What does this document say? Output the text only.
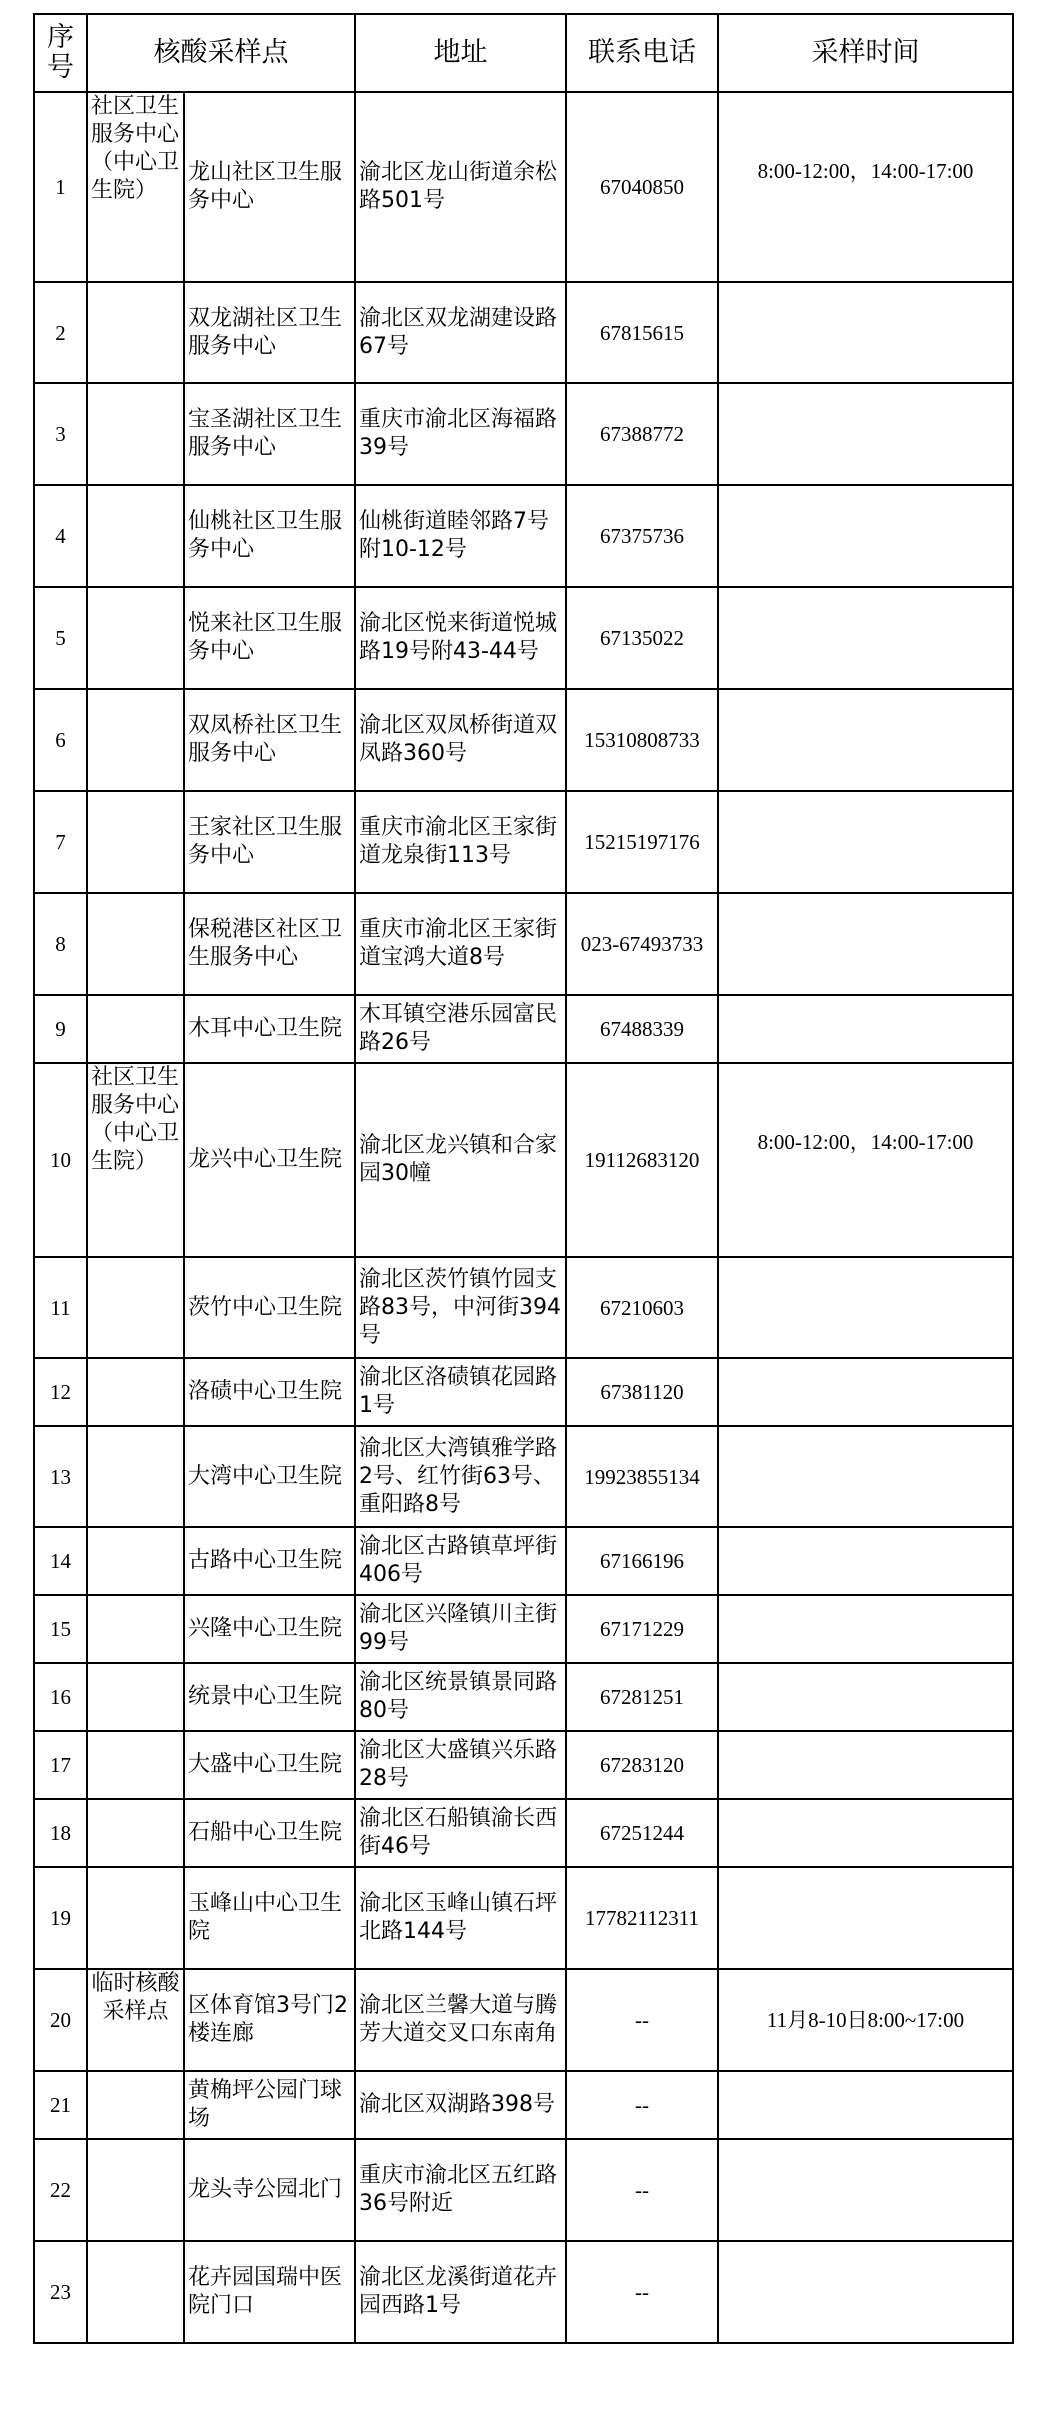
序号	核酸采样点		地址	联系电话	采样时间
1	社区卫生服务中心（中心卫生院）	龙山社区卫生服务中心	渝北区龙山街道余松路501号	67040850	8:00-12:00，14:00-17:00
2		双龙湖社区卫生服务中心	渝北区双龙湖建设路67号	67815615	
3		宝圣湖社区卫生服务中心	重庆市渝北区海福路39号	67388772	
4		仙桃社区卫生服务中心	仙桃街道睦邻路7号附10-12号	67375736	
5		悦来社区卫生服务中心	渝北区悦来街道悦城路19号附43-44号	67135022	
6		双凤桥社区卫生服务中心	渝北区双凤桥街道双凤路360号	15310808733	
7		王家社区卫生服务中心	重庆市渝北区王家街道龙泉街113号	15215197176	
8		保税港区社区卫生服务中心	重庆市渝北区王家街道宝鸿大道8号	023-67493733	
9		木耳中心卫生院	木耳镇空港乐园富民路26号	67488339	
10	社区卫生服务中心（中心卫生院）	龙兴中心卫生院	渝北区龙兴镇和合家园30幢	19112683120	8:00-12:00，14:00-17:00
11		茨竹中心卫生院	渝北区茨竹镇竹园支路83号，中河街394号	67210603	
12		洛碛中心卫生院	渝北区洛碛镇花园路1号	67381120	
13		大湾中心卫生院	渝北区大湾镇雅学路2号、红竹街63号、重阳路8号	19923855134	
14		古路中心卫生院	渝北区古路镇草坪街406号	67166196	
15		兴隆中心卫生院	渝北区兴隆镇川主街99号	67171229	
16		统景中心卫生院	渝北区统景镇景同路80号	67281251	
17		大盛中心卫生院	渝北区大盛镇兴乐路28号	67283120	
18		石船中心卫生院	渝北区石船镇渝长西街46号	67251244	
19		玉峰山中心卫生院	渝北区玉峰山镇石坪北路144号	17782112311	
20	临时核酸采样点	区体育馆3号门2楼连廊	渝北区兰馨大道与腾芳大道交叉口东南角	--	11月8-10日8:00~17:00
21		黄桷坪公园门球场	渝北区双湖路398号	--	
22		龙头寺公园北门	重庆市渝北区五红路36号附近	--	
23		花卉园国瑞中医院门口	渝北区龙溪街道花卉园西路1号	--	
